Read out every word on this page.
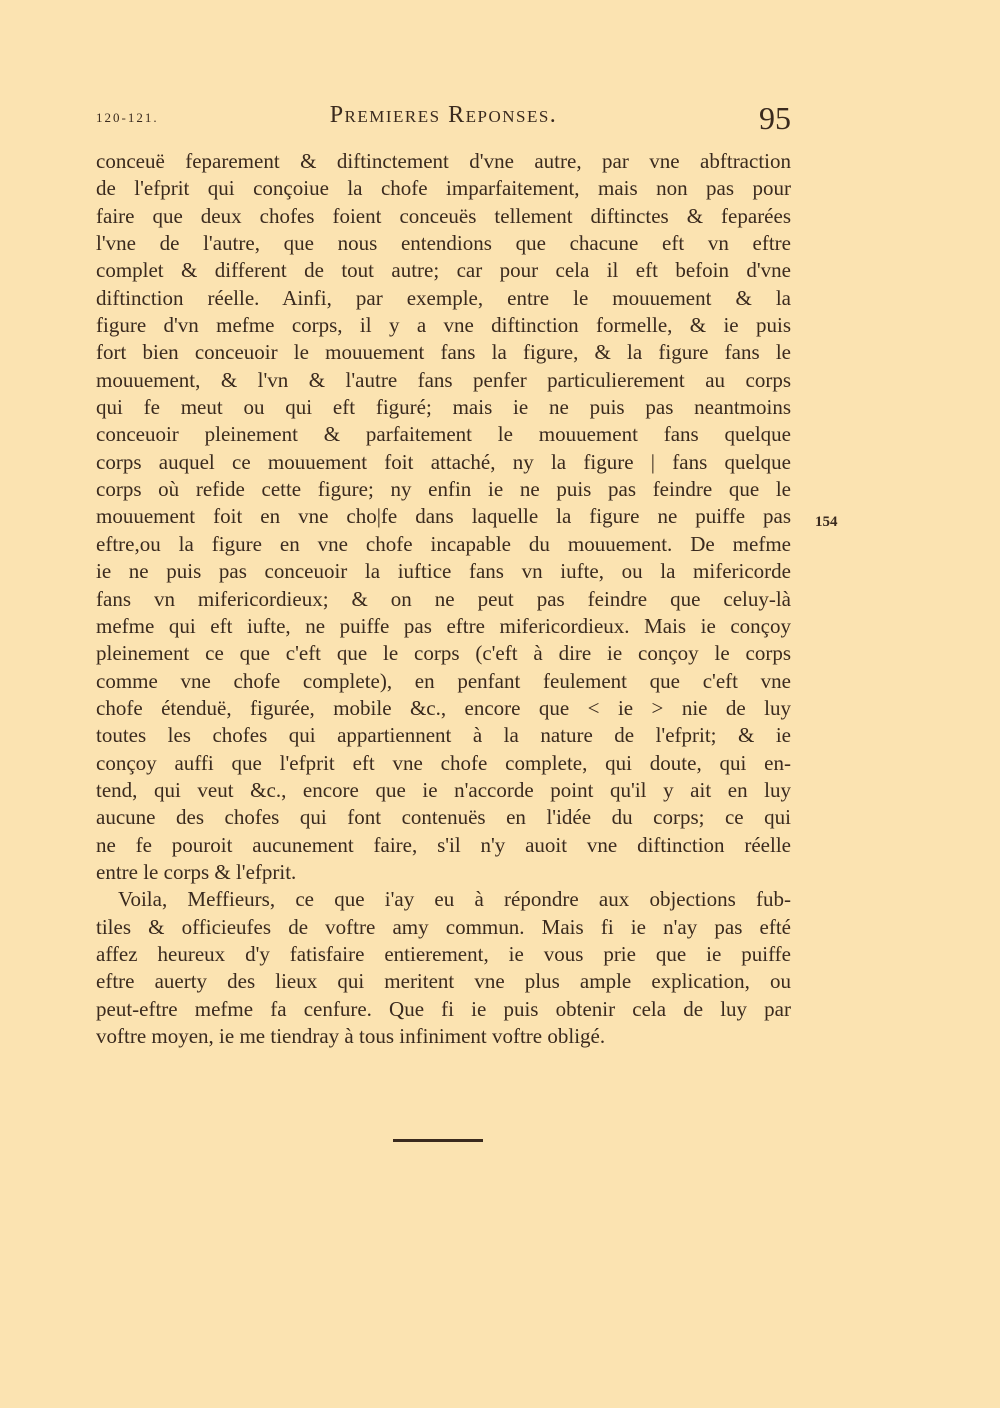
120-121.	Premieres Reponses.	95
conceuë feparement & diftinctement d'vne autre, par vne abftraction
de l'efprit qui conçoiue la chofe imparfaitement, mais non pas pour
faire que deux chofes foient conceuës tellement diftinctes & feparées
l'vne de l'autre, que nous entendions que chacune eft vn eftre
complet & different de tout autre; car pour cela il eft befoin d'vne
diftinction réelle. Ainfi, par exemple, entre le mouuement & la
figure d'vn mefme corps, il y a vne diftinction formelle, & ie puis
fort bien conceuoir le mouuement fans la figure, & la figure fans le
mouuement, & l'vn & l'autre fans penfer particulierement au corps
qui fe meut ou qui eft figuré; mais ie ne puis pas neantmoins
conceuoir pleinement & parfaitement le mouuement fans quelque
corps auquel ce mouuement foit attaché, ny la figure | fans quelque
corps où refide cette figure; ny enfin ie ne puis pas feindre que le
mouuement foit en vne cho|fe dans laquelle la figure ne puiffe pas
eftre,ou la figure en vne chofe incapable du mouuement. De mefme
ie ne puis pas conceuoir la iuftice fans vn iufte, ou la mifericorde
fans vn mifericordieux; & on ne peut pas feindre que celuy-là
mefme qui eft iufte, ne puiffe pas eftre mifericordieux. Mais ie conçoy
pleinement ce que c'eft que le corps (c'eft à dire ie conçoy le corps
comme vne chofe complete), en penfant feulement que c'eft vne
chofe étenduë, figurée, mobile &c., encore que < ie > nie de luy
toutes les chofes qui appartiennent à la nature de l'efprit; & ie
conçoy auffi que l'efprit eft vne chofe complete, qui doute, qui en-
tend, qui veut &c., encore que ie n'accorde point qu'il y ait en luy
aucune des chofes qui font contenuës en l'idée du corps; ce qui
ne fe pouroit aucunement faire, s'il n'y auoit vne diftinction réelle
entre le corps & l'efprit.
Voila, Meffieurs, ce que i'ay eu à répondre aux objections fub-
tiles & officieufes de voftre amy commun. Mais fi ie n'ay pas efté
affez heureux d'y fatisfaire entierement, ie vous prie que ie puiffe
eftre auerty des lieux qui meritent vne plus ample explication, ou
peut-eftre mefme fa cenfure. Que fi ie puis obtenir cela de luy par
voftre moyen, ie me tiendray à tous infiniment voftre obligé.
154
